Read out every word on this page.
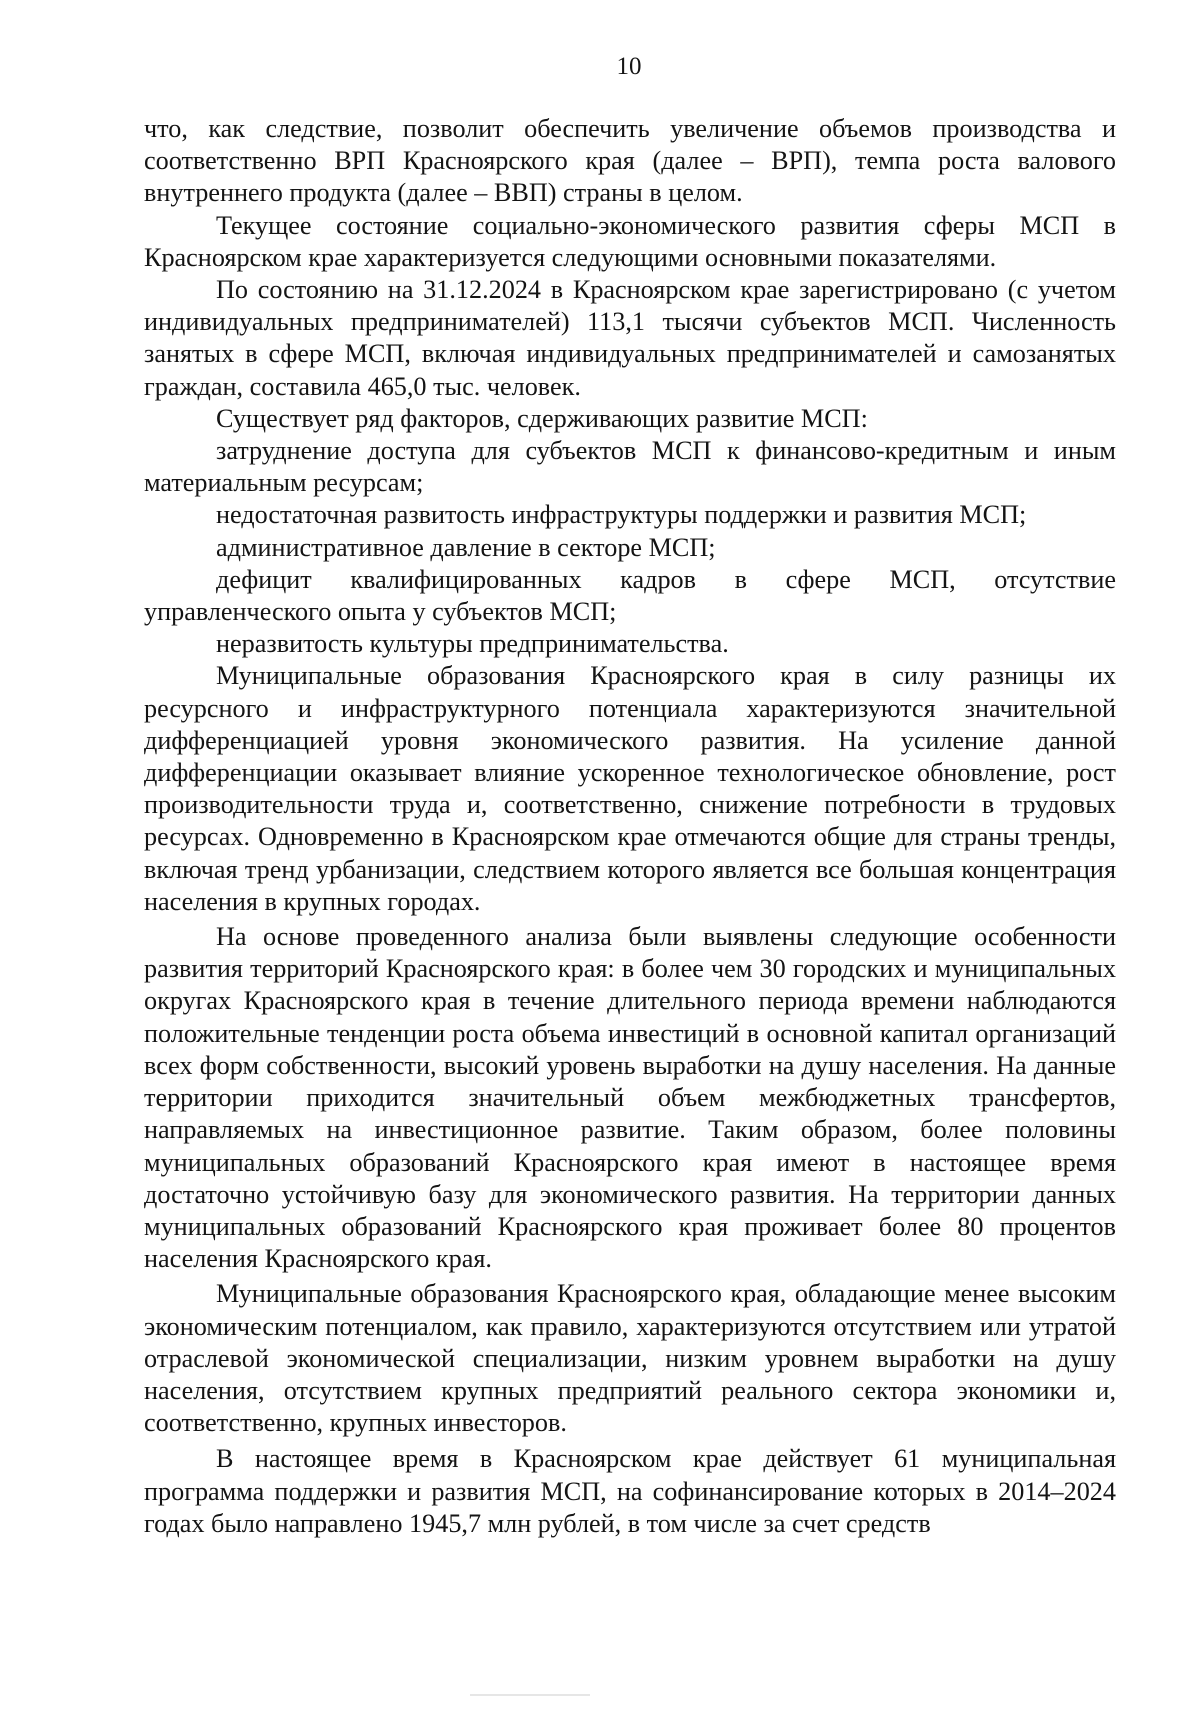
10

что, как следствие, позволит обеспечить увеличение объемов производства и соответственно ВРП Красноярского края (далее – ВРП), темпа роста валового внутреннего продукта (далее – ВВП) страны в целом.

Текущее состояние социально-экономического развития сферы МСП в Красноярском крае характеризуется следующими основными показателями.

По состоянию на 31.12.2024 в Красноярском крае зарегистрировано (с учетом индивидуальных предпринимателей) 113,1 тысячи субъектов МСП. Численность занятых в сфере МСП, включая индивидуальных предпринимателей и самозанятых граждан, составила 465,0 тыс. человек.

Существует ряд факторов, сдерживающих развитие МСП:

затруднение доступа для субъектов МСП к финансово-кредитным и иным материальным ресурсам;

недостаточная развитость инфраструктуры поддержки и развития МСП;

административное давление в секторе МСП;

дефицит квалифицированных кадров в сфере МСП, отсутствие управленческого опыта у субъектов МСП;

неразвитость культуры предпринимательства.

Муниципальные образования Красноярского края в силу разницы их ресурсного и инфраструктурного потенциала характеризуются значительной дифференциацией уровня экономического развития. На усиление данной дифференциации оказывает влияние ускоренное технологическое обновление, рост производительности труда и, соответственно, снижение потребности в трудовых ресурсах. Одновременно в Красноярском крае отмечаются общие для страны тренды, включая тренд урбанизации, следствием которого является все большая концентрация населения в крупных городах.

На основе проведенного анализа были выявлены следующие особенности развития территорий Красноярского края: в более чем 30 городских и муниципальных округах Красноярского края в течение длительного периода времени наблюдаются положительные тенденции роста объема инвестиций в основной капитал организаций всех форм собственности, высокий уровень выработки на душу населения. На данные территории приходится значительный объем межбюджетных трансфертов, направляемых на инвестиционное развитие. Таким образом, более половины муниципальных образований Красноярского края имеют в настоящее время достаточно устойчивую базу для экономического развития. На территории данных муниципальных образований Красноярского края проживает более 80 процентов населения Красноярского края.

Муниципальные образования Красноярского края, обладающие менее высоким экономическим потенциалом, как правило, характеризуются отсутствием или утратой отраслевой экономической специализации, низким уровнем выработки на душу населения, отсутствием крупных предприятий реального сектора экономики и, соответственно, крупных инвесторов.

В настоящее время в Красноярском крае действует 61 муниципальная программа поддержки и развития МСП, на софинансирование которых в 2014–2024 годах было направлено 1945,7 млн рублей, в том числе за счет средств
